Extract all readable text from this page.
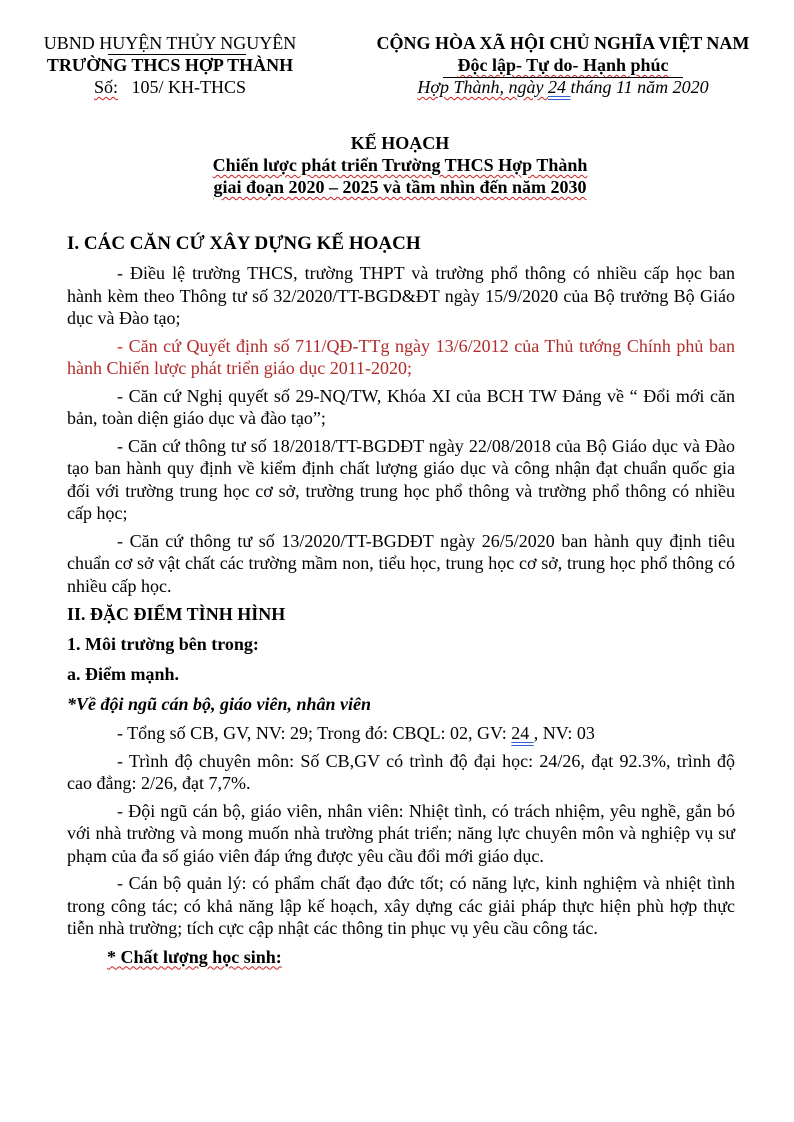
UBND HUYỆN THỦY NGUYÊN
TRƯỜNG THCS HỢP THÀNH
Số: 105/ KH-THCS
CỘNG HÒA XÃ HỘI CHỦ NGHĨA VIỆT NAM
Độc lập- Tự do- Hạnh phúc
Hợp Thành, ngày 24 tháng 11 năm 2020
KẾ HOẠCH
Chiến lược phát triển Trường THCS Hợp Thành
giai đoạn 2020 – 2025 và tầm nhìn đến năm 2030
I. CÁC CĂN CỨ XÂY DỰNG KẾ HOẠCH

- Điều lệ trường THCS, trường THPT và trường phổ thông có nhiều cấp học ban hành kèm theo Thông tư số 32/2020/TT-BGD&ĐT ngày 15/9/2020 của Bộ trưởng Bộ Giáo dục và Đào tạo;

- Căn cứ Quyết định số 711/QĐ-TTg ngày 13/6/2012 của Thủ tướng Chính phủ ban hành Chiến lược phát triển giáo dục 2011-2020;

- Căn cứ Nghị quyết số 29-NQ/TW, Khóa XI của BCH TW Đảng về “ Đổi mới căn bản, toàn diện giáo dục và đào tạo”;

- Căn cứ thông tư số 18/2018/TT-BGDĐT ngày 22/08/2018 của Bộ Giáo dục và Đào tạo ban hành quy định về kiểm định chất lượng giáo dục và công nhận đạt chuẩn quốc gia đối với trường trung học cơ sở, trường trung học phổ thông và trường phổ thông có nhiều cấp học;

- Căn cứ thông tư số 13/2020/TT-BGDĐT ngày 26/5/2020 ban hành quy định tiêu chuẩn cơ sở vật chất các trường mầm non, tiểu học, trung học cơ sở, trung học phổ thông có nhiều cấp học.

II. ĐẶC ĐIỂM TÌNH HÌNH
1. Môi trường bên trong:
a. Điểm mạnh.
*Về đội ngũ cán bộ, giáo viên, nhân viên

- Tổng số CB, GV, NV: 29; Trong đó: CBQL: 02, GV: 24 , NV: 03

- Trình độ chuyên môn: Số CB,GV có trình độ đại học: 24/26, đạt 92.3%, trình độ cao đẳng: 2/26, đạt 7,7%.

- Đội ngũ cán bộ, giáo viên, nhân viên: Nhiệt tình, có trách nhiệm, yêu nghề, gắn bó với nhà trường và mong muốn nhà trường phát triển; năng lực chuyên môn và nghiệp vụ sư phạm của đa số giáo viên đáp ứng được yêu cầu đổi mới giáo dục.

- Cán bộ quản lý: có phẩm chất đạo đức tốt; có năng lực, kinh nghiệm và nhiệt tình trong công tác; có khả năng lập kế hoạch, xây dựng các giải pháp thực hiện phù hợp thực tiễn nhà trường; tích cực cập nhật các thông tin phục vụ yêu cầu công tác.

* Chất lượng học sinh:
